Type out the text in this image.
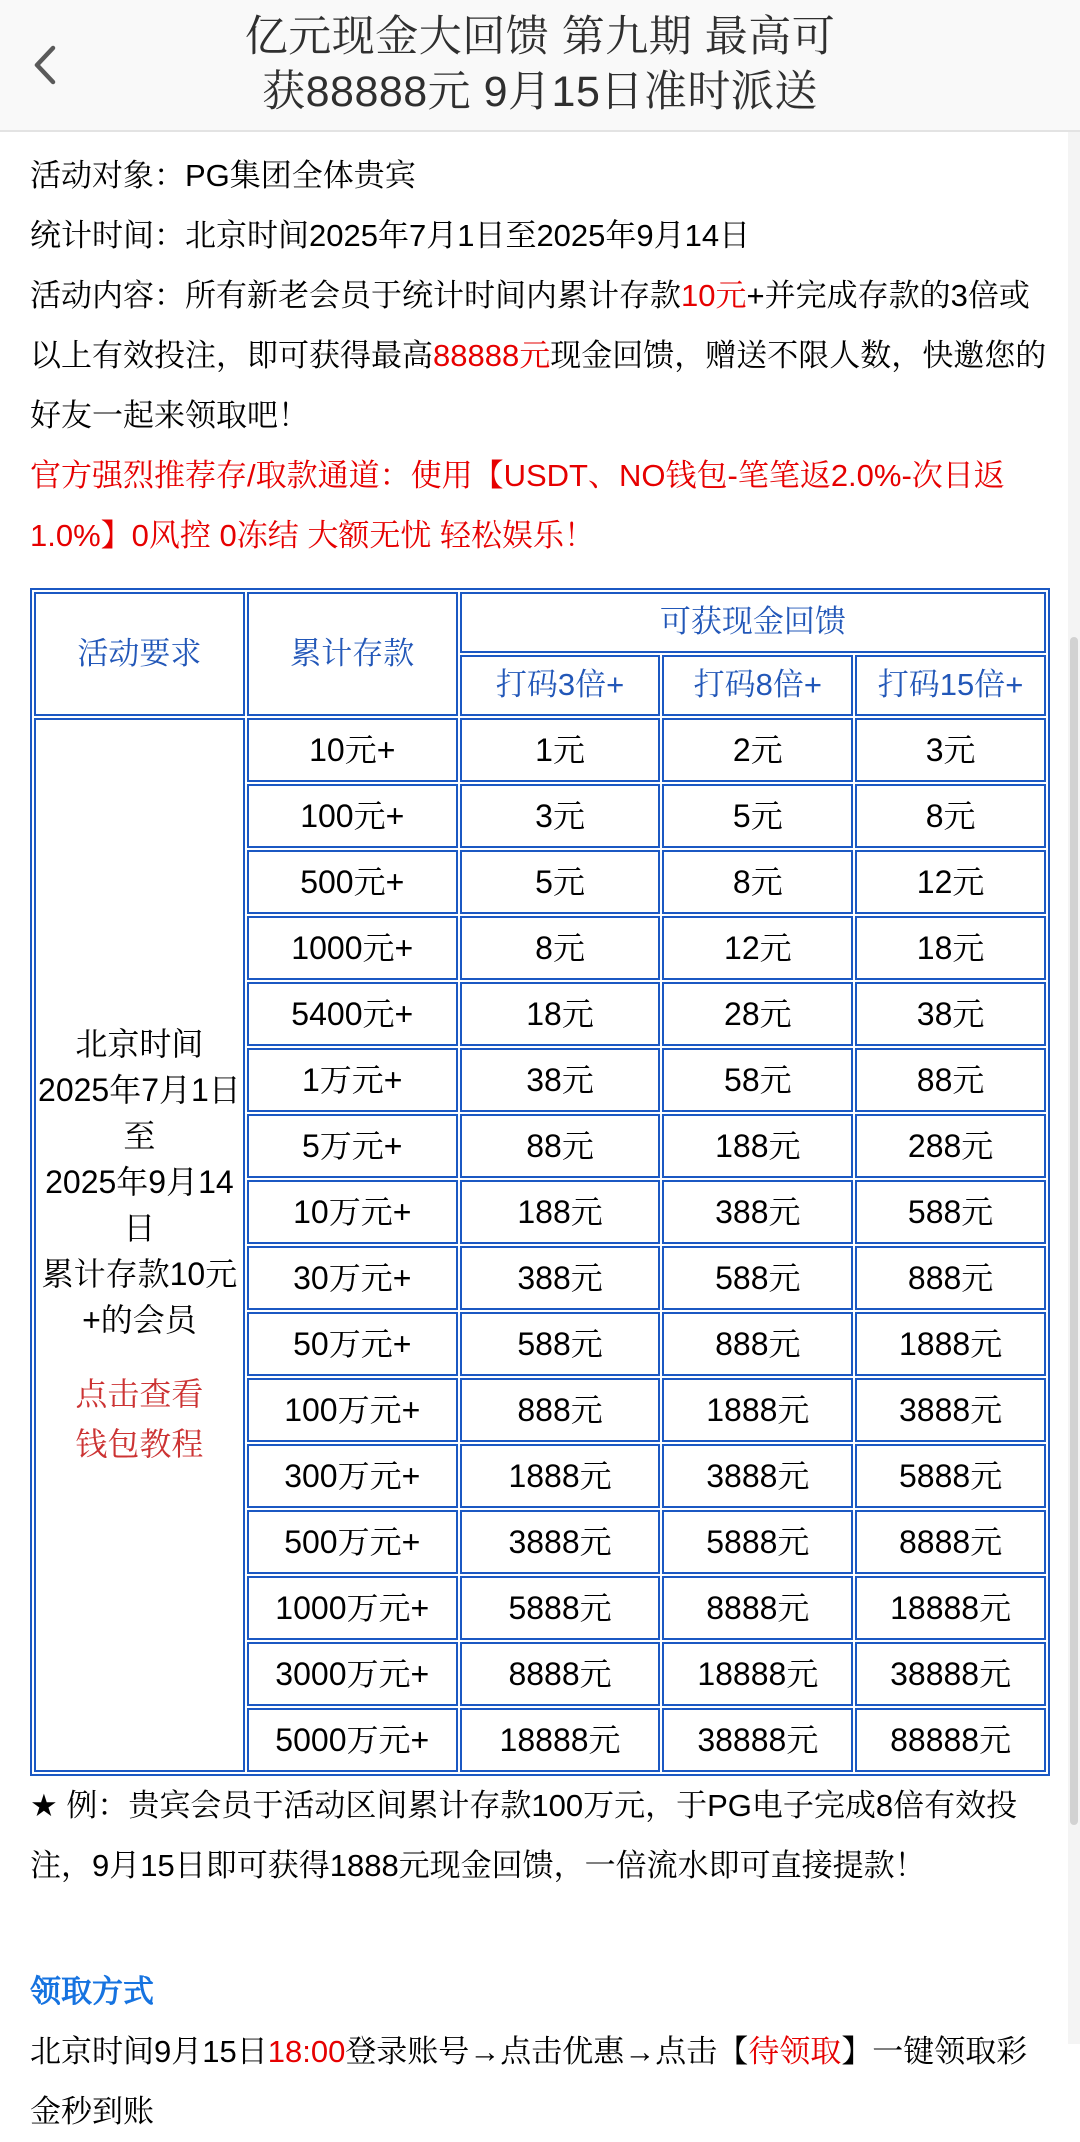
亿元现金大回馈 第九期 最高可
获88888元 9月15日准时派送

活动对象：PG集团全体贵宾

统计时间：北京时间2025年7月1日至2025年9月14日

活动内容：所有新老会员于统计时间内累计存款10元+并完成存款的3倍或以上有效投注，即可获得最高88888元现金回馈，赠送不限人数，快邀您的好友一起来领取吧！

官方强烈推荐存/取款通道：使用【USDT、NO钱包-笔笔返2.0%-次日返1.0%】0风控 0冻结 大额无忧 轻松娱乐！

活动要求	累计存款	可获现金回馈		
		打码3倍+	打码8倍+	打码15倍+

北京时间
2025年7月1日
至
2025年9月14日
累计存款10元
+的会员
点击查看
钱包教程
	10元+	1元	2元	3元
	100元+	3元	5元	8元
	500元+	5元	8元	12元
	1000元+	8元	12元	18元
	5400元+	18元	28元	38元
	1万元+	38元	58元	88元
	5万元+	88元	188元	288元
	10万元+	188元	388元	588元
	30万元+	388元	588元	888元
	50万元+	588元	888元	1888元
	100万元+	888元	1888元	3888元
	300万元+	1888元	3888元	5888元
	500万元+	3888元	5888元	8888元
	1000万元+	5888元	8888元	18888元
	3000万元+	8888元	18888元	38888元
	5000万元+	18888元	38888元	88888元

★ 例：贵宾会员于活动区间累计存款100万元，于PG电子完成8倍有效投注，9月15日即可获得1888元现金回馈，一倍流水即可直接提款！

领取方式

北京时间9月15日18:00登录账号→点击优惠→点击【待领取】一键领取彩金秒到账
